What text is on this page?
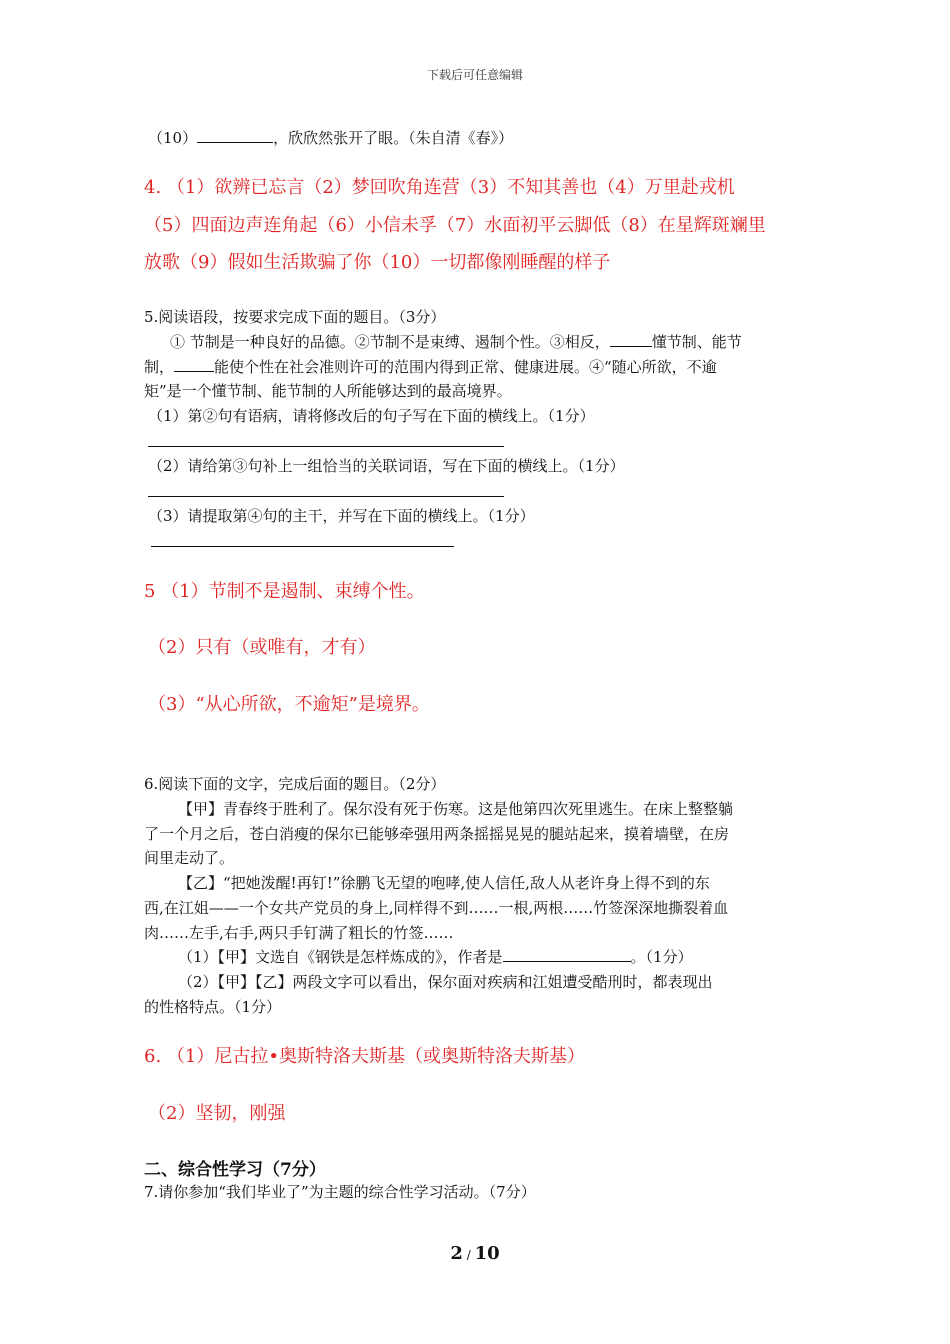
下载后可任意编辑
（10）	，欣欣然张开了眼。（朱自清《春》）
4. （1）欲辨已忘言（2）梦回吹角连营（3）不知其善也（4）万里赴戎机
（5）四面边声连角起（6）小信未孚（7）水面初平云脚低（8）在星辉斑斓里
放歌（9）假如生活欺骗了你（10）一切都像刚睡醒的样子
5.阅读语段，按要求完成下面的题目。（3分）
① 节制是一种良好的品德。②节制不是束缚、遏制个性。③相反，	懂节制、能节
制，	能使个性在社会准则许可的范围内得到正常、健康进展。④“随心所欲，不逾
矩”是一个懂节制、能节制的人所能够达到的最高境界。
（1）第②句有语病，请将修改后的句子写在下面的横线上。（1分）
（2）请给第③句补上一组恰当的关联词语，写在下面的横线上。（1分）
（3）请提取第④句的主干，并写在下面的横线上。（1分）
5 （1）节制不是遏制、束缚个性。
（2）只有（或唯有，才有）
（3）“从心所欲，不逾矩”是境界。
6.阅读下面的文字，完成后面的题目。（2分）
【甲】青春终于胜利了。保尔没有死于伤寒。这是他第四次死里逃生。在床上整整躺
了一个月之后，苍白消瘦的保尔已能够牵强用两条摇摇晃晃的腿站起来，摸着墙壁，在房
间里走动了。
【乙】“把她泼醒!再钉!”徐鹏飞无望的咆哮,使人信任,敌人从老许身上得不到的东
西,在江姐——一个女共产党员的身上,同样得不到……一根,两根……竹签深深地撕裂着血
肉……左手,右手,两只手钉满了粗长的竹签……
（1）【甲】文选自《钢铁是怎样炼成的》，作者是	。（1分）
（2）【甲】【乙】两段文字可以看出，保尔面对疾病和江姐遭受酷刑时，都表现出
的性格特点。（1分）
6. （1）尼古拉•奥斯特洛夫斯基（或奥斯特洛夫斯基）
（2）坚韧，刚强
二、综合性学习（7分）
7.请你参加“我们毕业了”为主题的综合性学习活动。（7分）
2 / 10
